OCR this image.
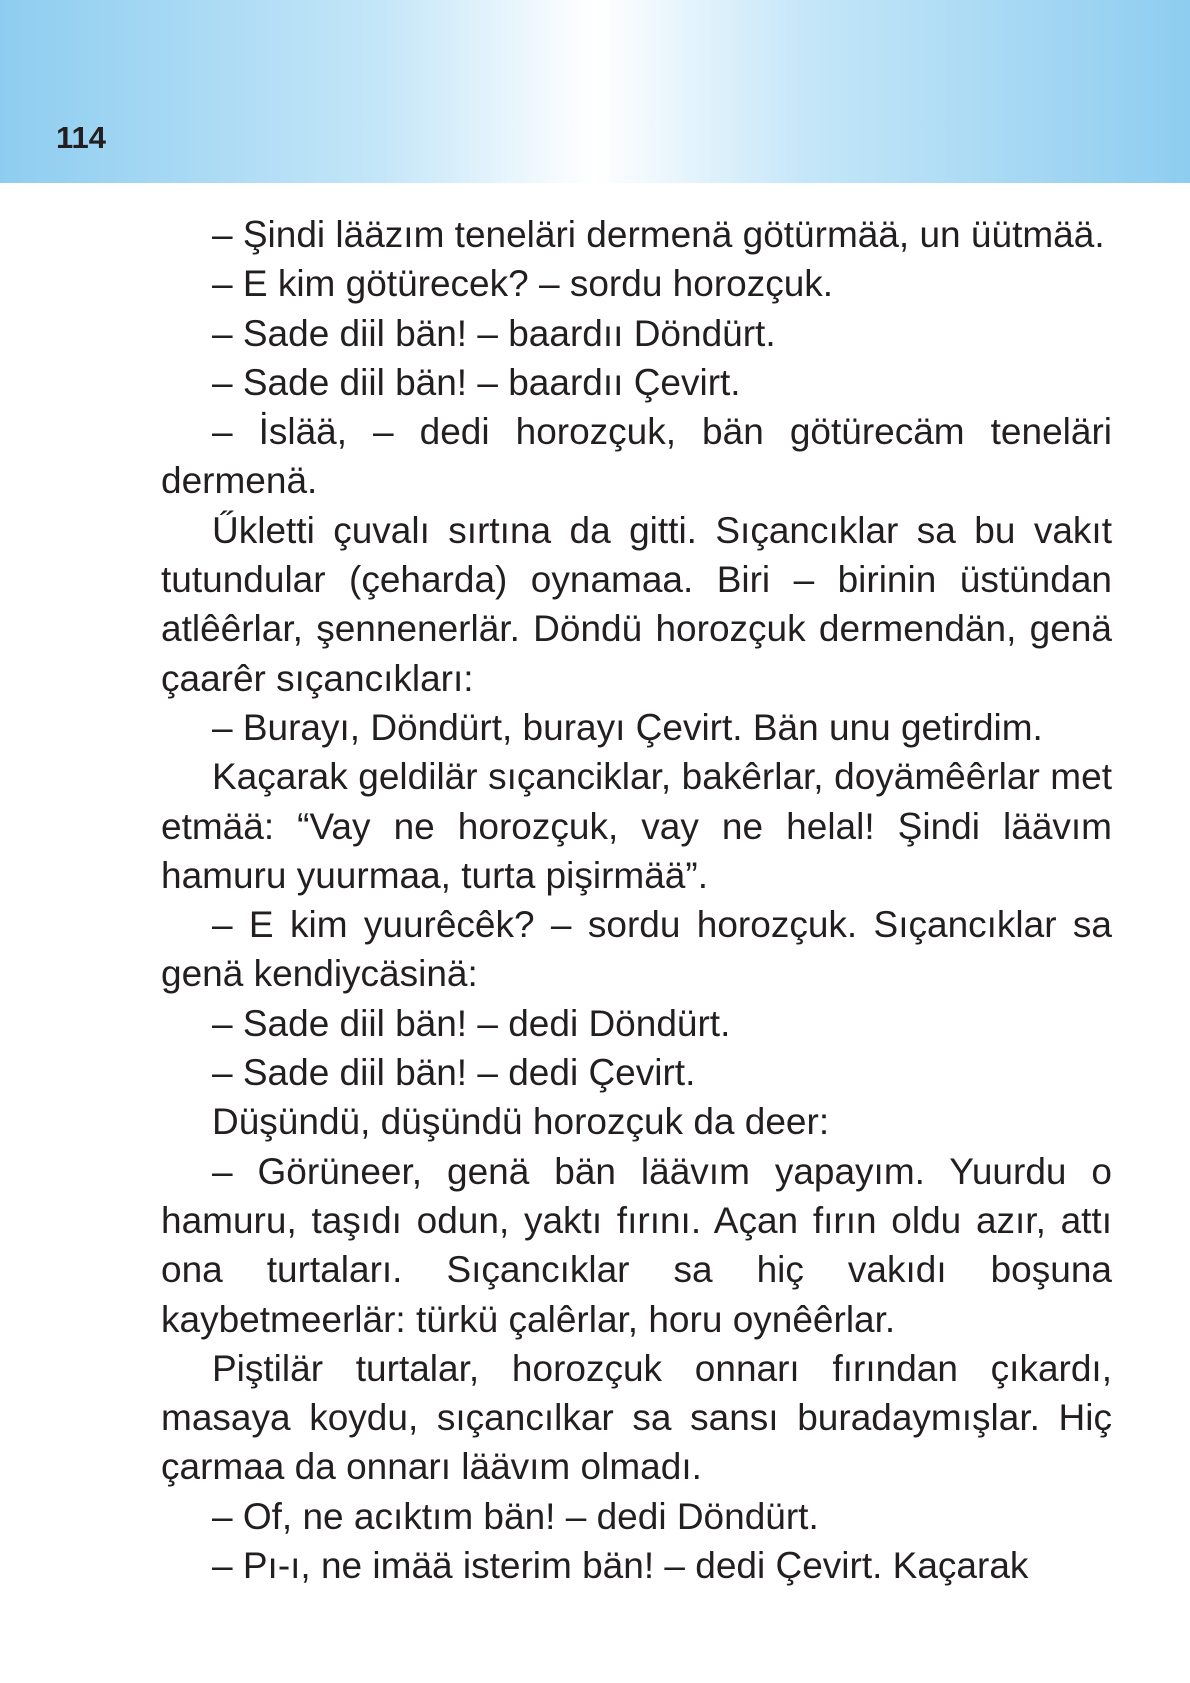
114

– Şindi lääzım teneläri dermenä götürmää, un üütmää.

– E kim götürecek? – sordu horozçuk.

– Sade diil bän! – baardıı Döndürt.

– Sade diil bän! – baardıı Çevirt.

– İslää, – dedi horozçuk, bän götürecäm teneläri dermenä.

Űkletti çuvalı sırtına da gitti. Sıçancıklar sa bu vakıt tutundular (çeharda) oynamaa. Biri – birinin üstündan atlêêrlar, şennenerlär. Döndü horozçuk dermendän, genä çaarêr sıçancıkları:

– Burayı, Döndürt, burayı Çevirt. Bän unu getirdim.

Kaçarak geldilär sıçanciklar, bakêrlar, doyämêêrlar met etmää: “Vay ne horozçuk, vay ne helal! Şindi läävım hamuru yuurmaa, turta pişirmää”.

– E kim yuurêcêk? – sordu horozçuk. Sıçancıklar sa genä kendiycäsinä:

– Sade diil bän! – dedi Döndürt.

– Sade diil bän! – dedi Çevirt.

Düşündü, düşündü horozçuk da deer:

– Görüneer, genä bän läävım yapayım. Yuurdu o hamuru, taşıdı odun, yaktı fırını. Açan fırın oldu azır, attı ona turtaları. Sıçancıklar sa hiç vakıdı boşuna kaybetmeerlär: türkü çalêrlar, horu oynêêrlar.

Piştilär turtalar, horozçuk onnarı fırından çıkardı, masaya koydu, sıçancılkar sa sansı buradaymışlar. Hiç çarmaa da onnarı läävım olmadı.

– Of, ne acıktım bän! – dedi Döndürt.

– Pı-ı, ne imää isterim bän! – dedi Çevirt. Kaçarak
